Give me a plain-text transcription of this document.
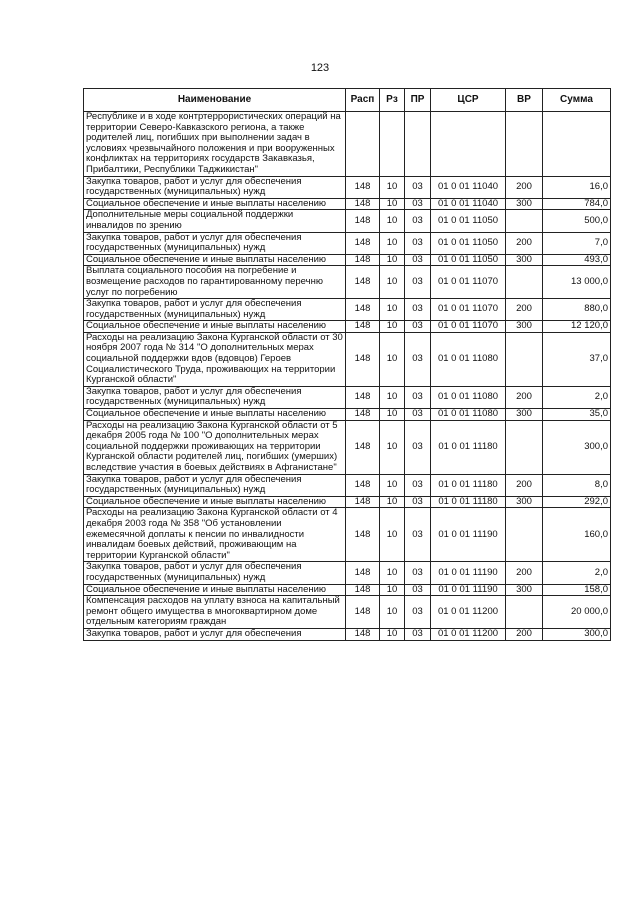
123
Наименование	Расп	Рз	ПР	ЦСР	ВР	Сумма
Республике и в ходе контртеррористических операций на территории Северо-Кавказского региона, а также родителей лиц, погибших при выполнении задач в условиях чрезвычайного положения и при вооруженных конфликтах на территориях государств Закавказья, Прибалтики, Республики Таджикистан"						
Закупка товаров, работ и услуг для обеспечения государственных (муниципальных) нужд	148	10	03	01 0 01 11040	200	16,0
Социальное обеспечение и иные выплаты населению	148	10	03	01 0 01 11040	300	784,0
Дополнительные меры социальной поддержки инвалидов по зрению	148	10	03	01 0 01 11050		500,0
Закупка товаров, работ и услуг для обеспечения государственных (муниципальных) нужд	148	10	03	01 0 01 11050	200	7,0
Социальное обеспечение и иные выплаты населению	148	10	03	01 0 01 11050	300	493,0
Выплата социального пособия на погребение и возмещение расходов по гарантированному перечню услуг по погребению	148	10	03	01 0 01 11070		13 000,0
Закупка товаров, работ и услуг для обеспечения государственных (муниципальных) нужд	148	10	03	01 0 01 11070	200	880,0
Социальное обеспечение и иные выплаты населению	148	10	03	01 0 01 11070	300	12 120,0
Расходы на реализацию Закона Курганской области от 30 ноября 2007 года № 314 "О дополнительных мерах социальной поддержки вдов (вдовцов) Героев Социалистического Труда, проживающих на территории Курганской области"	148	10	03	01 0 01 11080		37,0
Закупка товаров, работ и услуг для обеспечения государственных (муниципальных) нужд	148	10	03	01 0 01 11080	200	2,0
Социальное обеспечение и иные выплаты населению	148	10	03	01 0 01 11080	300	35,0
Расходы на реализацию Закона Курганской области от 5 декабря 2005 года № 100 "О дополнительных мерах социальной поддержки проживающих на территории Курганской области родителей лиц, погибших (умерших) вследствие участия в боевых действиях в Афганистане"	148	10	03	01 0 01 11180		300,0
Закупка товаров, работ и услуг для обеспечения государственных (муниципальных) нужд	148	10	03	01 0 01 11180	200	8,0
Социальное обеспечение и иные выплаты населению	148	10	03	01 0 01 11180	300	292,0
Расходы на реализацию Закона Курганской области от 4 декабря 2003 года № 358 "Об установлении ежемесячной доплаты к пенсии по инвалидности инвалидам боевых действий, проживающим на территории Курганской области"	148	10	03	01 0 01 11190		160,0
Закупка товаров, работ и услуг для обеспечения государственных (муниципальных) нужд	148	10	03	01 0 01 11190	200	2,0
Социальное обеспечение и иные выплаты населению	148	10	03	01 0 01 11190	300	158,0
Компенсация расходов на уплату взноса на капитальный ремонт общего имущества в многоквартирном доме отдельным категориям граждан	148	10	03	01 0 01 11200		20 000,0
Закупка товаров, работ и услуг для обеспечения	148	10	03	01 0 01 11200	200	300,0
